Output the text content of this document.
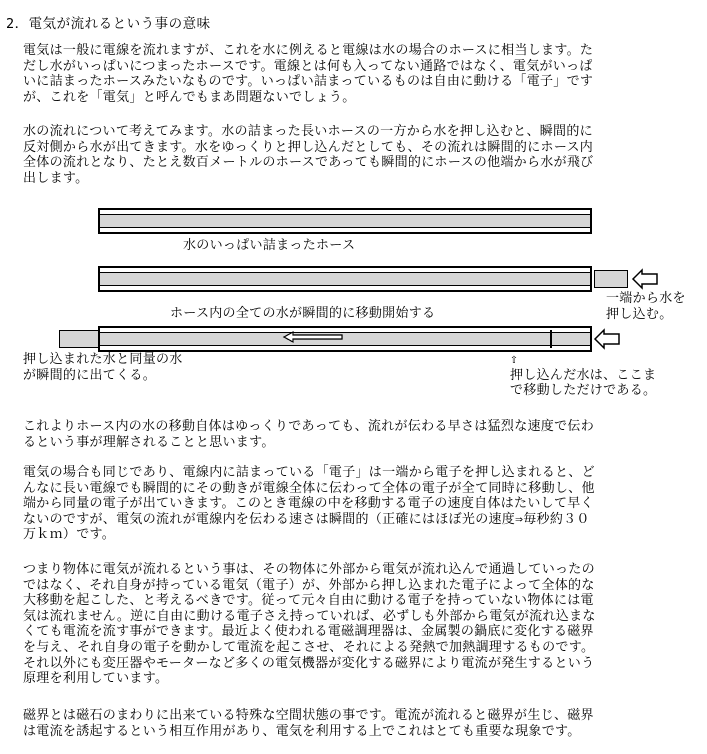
2．電気が流れるという事の意味
電気は一般に電線を流れますが、これを水に例えると電線は水の場合のホースに相当します。た
だし水がいっぱいにつまったホースです。電線とは何も入ってない通路ではなく、電気がいっぱ
いに詰まったホースみたいなものです。いっぱい詰まっているものは自由に動ける「電子」です
が、これを「電気」と呼んでもまあ問題ないでしょう。
水の流れについて考えてみます。水の詰まった長いホースの一方から水を押し込むと、瞬間的に
反対側から水が出てきます。水をゆっくりと押し込んだとしても、その流れは瞬間的にホース内
全体の流れとなり、たとえ数百メートルのホースであっても瞬間的にホースの他端から水が飛び
出します。
水のいっぱい詰まったホース
一端から水を
押し込む。
ホース内の全ての水が瞬間的に移動開始する
押し込まれた水と同量の水
が瞬間的に出てくる。
⇧
押し込んだ水は、ここま
で移動しただけである。
これよりホース内の水の移動自体はゆっくりであっても、流れが伝わる早さは猛烈な速度で伝わ
るという事が理解されることと思います。
電気の場合も同じであり、電線内に詰まっている「電子」は一端から電子を押し込まれると、ど
んなに長い電線でも瞬間的にその動きが電線全体に伝わって全体の電子が全て同時に移動し、他
端から同量の電子が出ていきます。このとき電線の中を移動する電子の速度自体はたいして早く
ないのですが、電気の流れが電線内を伝わる速さは瞬間的（正確にはほぼ光の速度⇒毎秒約３０
万ｋｍ）です。
つまり物体に電気が流れるという事は、その物体に外部から電気が流れ込んで通過していったの
ではなく、それ自身が持っている電気（電子）が、外部から押し込まれた電子によって全体的な
大移動を起こした、と考えるべきです。従って元々自由に動ける電子を持っていない物体には電
気は流れません。逆に自由に動ける電子さえ持っていれば、必ずしも外部から電気が流れ込まな
くても電流を流す事ができます。最近よく使われる電磁調理器は、金属製の鍋底に変化する磁界
を与え、それ自身の電子を動かして電流を起こさせ、それによる発熱で加熱調理するものです。
それ以外にも変圧器やモーターなど多くの電気機器が変化する磁界により電流が発生するという
原理を利用しています。
磁界とは磁石のまわりに出来ている特殊な空間状態の事です。電流が流れると磁界が生じ、磁界
は電流を誘起するという相互作用があり、電気を利用する上でこれはとても重要な現象です。
